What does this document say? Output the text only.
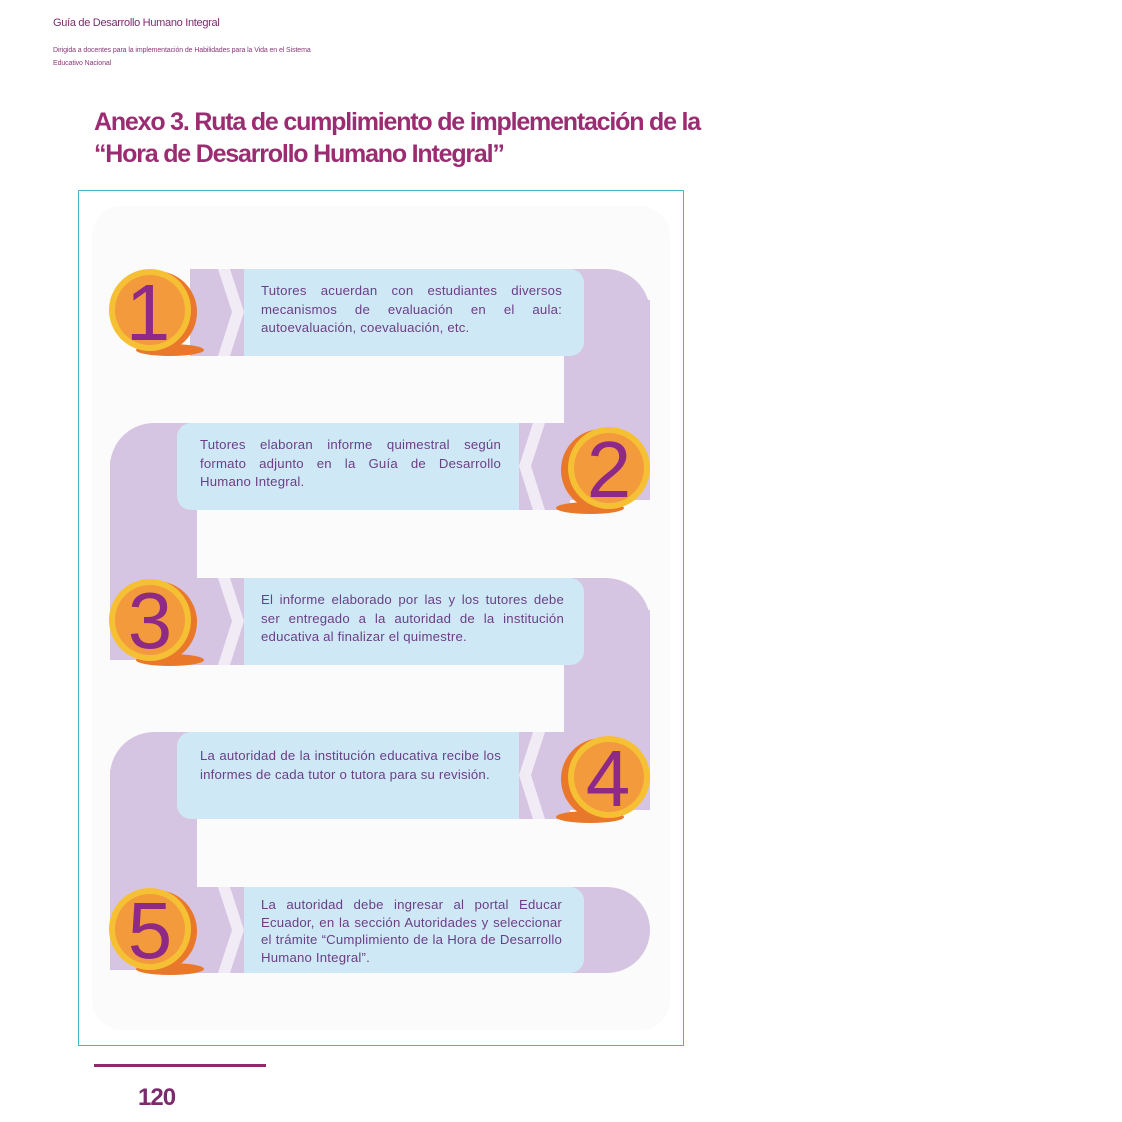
Guía de Desarrollo Humano Integral
Dirigida a docentes para la implementación de Habilidades para la Vida en el Sistema Educativo Nacional
Anexo 3. Ruta de cumplimiento de implementación de la “Hora de Desarrollo Humano Integral”
1
2
3
4
5
Tutores acuerdan con estudiantes diversos mecanismos de evaluación en el aula: autoevaluación, coevaluación, etc.
Tutores elaboran informe quimestral según formato adjunto en la Guía de Desarrollo Humano Integral.
El informe elaborado por las y los tutores debe ser entregado a la autoridad de la institución educativa al finalizar el quimestre.
La autoridad de la institución educativa recibe los informes de cada tutor o tutora para su revisión.
La autoridad debe ingresar al portal Educar Ecuador, en la sección Autoridades y seleccionar el trámite “Cumplimiento de la Hora de Desarrollo Humano Integral”.
120
